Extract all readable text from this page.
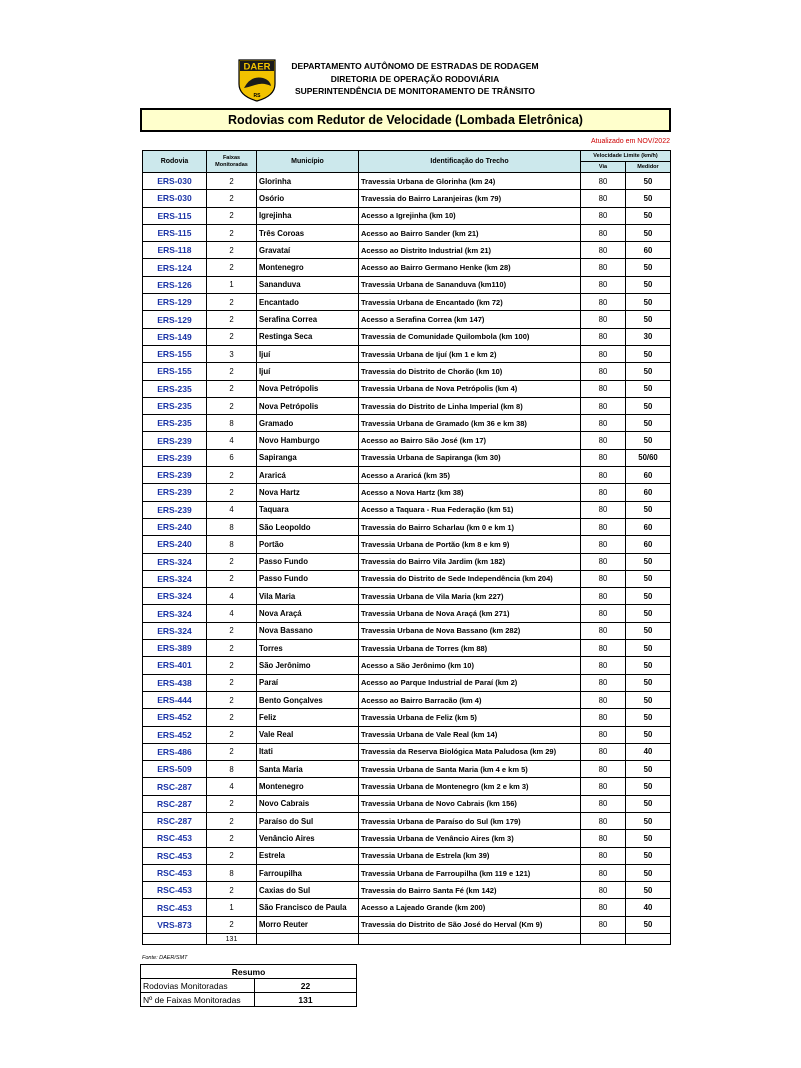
DAER
RS
DEPARTAMENTO AUTÔNOMO DE ESTRADAS DE RODAGEM
DIRETORIA DE OPERAÇÃO RODOVIÁRIA
SUPERINTENDÊNCIA DE MONITORAMENTO DE TRÂNSITO
Rodovias com Redutor de Velocidade (Lombada Eletrônica)
Atualizado em NOV/2022
Rodovia	Faixas Monitoradas	Município	Identificação do Trecho	Velocidade Limite (km/h)	
				Via	Medidor
ERS-030	2	Glorinha	Travessia Urbana de Glorinha (km 24)	80	50
ERS-030	2	Osório	Travessia do Bairro Laranjeiras (km 79)	80	50
ERS-115	2	Igrejinha	Acesso a Igrejinha (km 10)	80	50
ERS-115	2	Três Coroas	Acesso ao Bairro Sander (km 21)	80	50
ERS-118	2	Gravataí	Acesso ao Distrito Industrial (km 21)	80	60
ERS-124	2	Montenegro	Acesso ao Bairro Germano Henke (km 28)	80	50
ERS-126	1	Sananduva	Travessia Urbana de Sananduva (km110)	80	50
ERS-129	2	Encantado	Travessia Urbana de Encantado (km 72)	80	50
ERS-129	2	Serafina Correa	Acesso a Serafina Correa (km 147)	80	50
ERS-149	2	Restinga Seca	Travessia de Comunidade Quilombola (km 100)	80	30
ERS-155	3	Ijuí	Travessia Urbana de Ijuí (km 1 e km 2)	80	50
ERS-155	2	Ijuí	Travessia do Distrito de Chorão (km 10)	80	50
ERS-235	2	Nova Petrópolis	Travessia Urbana de Nova Petrópolis (km 4)	80	50
ERS-235	2	Nova Petrópolis	Travessia do Distrito de Linha Imperial (km 8)	80	50
ERS-235	8	Gramado	Travessia Urbana de Gramado (km 36 e km 38)	80	50
ERS-239	4	Novo Hamburgo	Acesso ao Bairro São José (km 17)	80	50
ERS-239	6	Sapiranga	Travessia Urbana de Sapiranga (km 30)	80	50/60
ERS-239	2	Araricá	Acesso a Araricá (km 35)	80	60
ERS-239	2	Nova Hartz	Acesso a Nova Hartz (km 38)	80	60
ERS-239	4	Taquara	Acesso a Taquara - Rua Federação (km 51)	80	50
ERS-240	8	São Leopoldo	Travessia do Bairro Scharlau (km 0 e km 1)	80	60
ERS-240	8	Portão	Travessia Urbana de Portão (km 8 e km 9)	80	60
ERS-324	2	Passo Fundo	Travessia do Bairro Vila Jardim (km 182)	80	50
ERS-324	2	Passo Fundo	Travessia do Distrito de Sede Independência (km 204)	80	50
ERS-324	4	Vila Maria	Travessia Urbana de Vila Maria (km 227)	80	50
ERS-324	4	Nova Araçá	Travessia Urbana de Nova Araçá (km 271)	80	50
ERS-324	2	Nova Bassano	Travessia Urbana de Nova Bassano (km 282)	80	50
ERS-389	2	Torres	Travessia Urbana de Torres (km 88)	80	50
ERS-401	2	São Jerônimo	Acesso a São Jerônimo (km 10)	80	50
ERS-438	2	Paraí	Acesso ao Parque Industrial de Paraí (km 2)	80	50
ERS-444	2	Bento Gonçalves	Acesso ao Bairro Barracão (km 4)	80	50
ERS-452	2	Feliz	Travessia Urbana de Feliz (km 5)	80	50
ERS-452	2	Vale Real	Travessia Urbana de Vale Real (km 14)	80	50
ERS-486	2	Itati	Travessia da Reserva Biológica Mata Paludosa (km 29)	80	40
ERS-509	8	Santa Maria	Travessia Urbana de Santa Maria (km 4 e km 5)	80	50
RSC-287	4	Montenegro	Travessia Urbana de Montenegro (km 2 e km 3)	80	50
RSC-287	2	Novo Cabrais	Travessia Urbana de Novo Cabrais (km 156)	80	50
RSC-287	2	Paraíso do Sul	Travessia Urbana de Paraíso do Sul (km 179)	80	50
RSC-453	2	Venâncio Aires	Travessia Urbana de Venâncio Aires (km 3)	80	50
RSC-453	2	Estrela	Travessia Urbana de Estrela (km 39)	80	50
RSC-453	8	Farroupilha	Travessia Urbana de Farroupilha (km 119 e 121)	80	50
RSC-453	2	Caxias do Sul	Travessia do Bairro Santa Fé (km 142)	80	50
RSC-453	1	São Francisco de Paula	Acesso a Lajeado Grande (km 200)	80	40
VRS-873	2	Morro Reuter	Travessia do Distrito de São José do Herval (Km 9)	80	50
	131				
Fonte: DAER/SMT
Resumo	
Rodovias Monitoradas	22
Nº de Faixas Monitoradas	131
